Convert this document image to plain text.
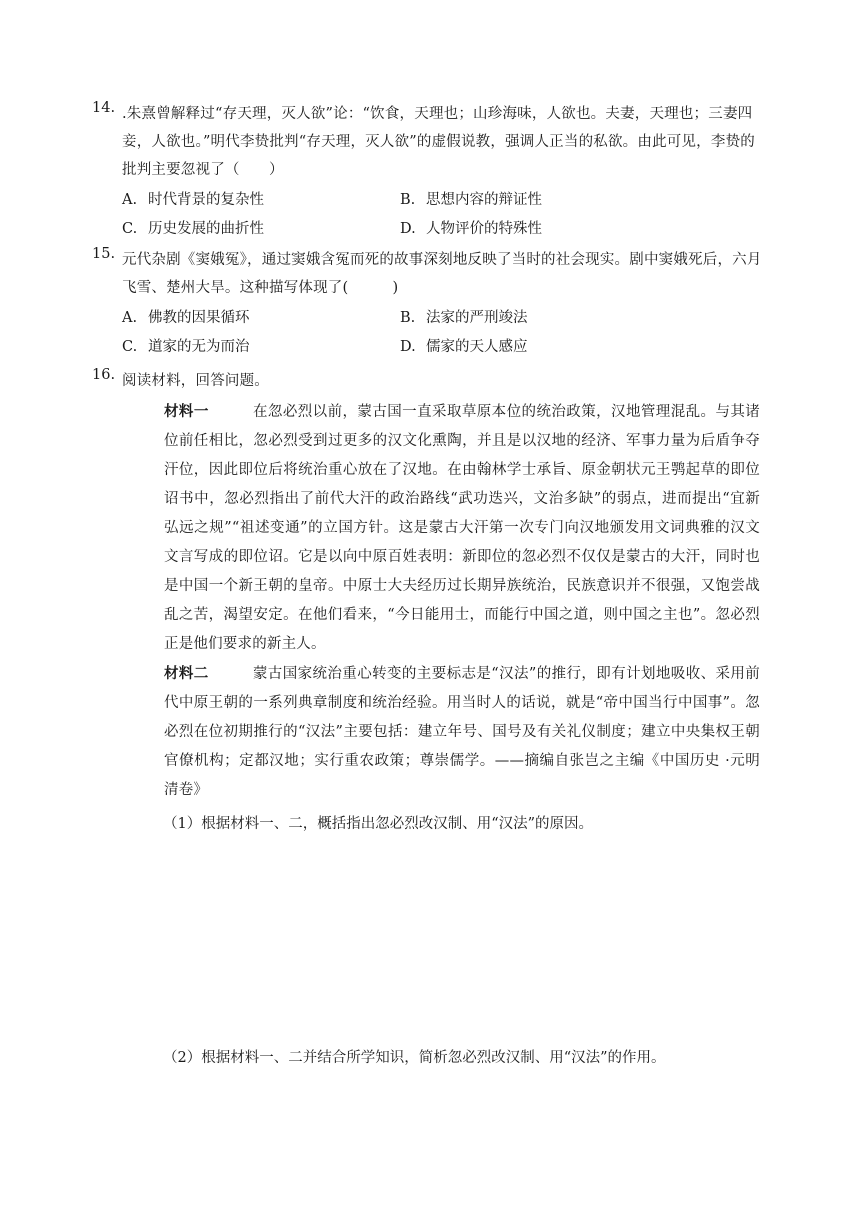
14. .朱熹曾解释过“存天理，灭人欲”论：“饮食，天理也；山珍海味，人欲也。夫妻，天理也；三妻四妾，人欲也。”明代李贽批判“存天理，灭人欲”的虚假说教，强调人正当的私欲。由此可见，李贽的批判主要忽视了（　　）
A. 时代背景的复杂性	B. 思想内容的辩证性
C. 历史发展的曲折性	D. 人物评价的特殊性
15. 元代杂剧《窦娥冤》，通过窦娥含冤而死的故事深刻地反映了当时的社会现实。剧中窦娥死后，六月飞雪、楚州大旱。这种描写体现了(　　　)
A. 佛教的因果循环	B. 法家的严刑竣法
C. 道家的无为而治	D. 儒家的天人感应
16. 阅读材料，回答问题。
材料一	在忽必烈以前，蒙古国一直采取草原本位的统治政策，汉地管理混乱。与其诸位前任相比，忽必烈受到过更多的汉文化熏陶，并且是以汉地的经济、军事力量为后盾争夺汗位，因此即位后将统治重心放在了汉地。在由翰林学士承旨、原金朝状元王鹗起草的即位诏书中，忽必烈指出了前代大汗的政治路线“武功迭兴，文治多缺”的弱点，进而提出“宜新弘远之规”“祖述变通”的立国方针。这是蒙古大汗第一次专门向汉地颁发用文词典雅的汉文文言写成的即位诏。它是以向中原百姓表明：新即位的忽必烈不仅仅是蒙古的大汗，同时也是中国一个新王朝的皇帝。中原士大夫经历过长期异族统治，民族意识并不很强，又饱尝战乱之苦，渴望安定。在他们看来，“今日能用士，而能行中国之道，则中国之主也”。忽必烈正是他们要求的新主人。
材料二	蒙古国家统治重心转变的主要标志是“汉法”的推行，即有计划地吸收、采用前代中原王朝的一系列典章制度和统治经验。用当时人的话说，就是“帝中国当行中国事”。忽必烈在位初期推行的“汉法”主要包括：建立年号、国号及有关礼仪制度；建立中央集权王朝官僚机构；定都汉地；实行重农政策；尊崇儒学。——摘编自张岂之主编《中国历史 ·元明清卷》
（1）根据材料一、二，概括指出忽必烈改汉制、用“汉法”的原因。
（2）根据材料一、二并结合所学知识，简析忽必烈改汉制、用“汉法”的作用。
